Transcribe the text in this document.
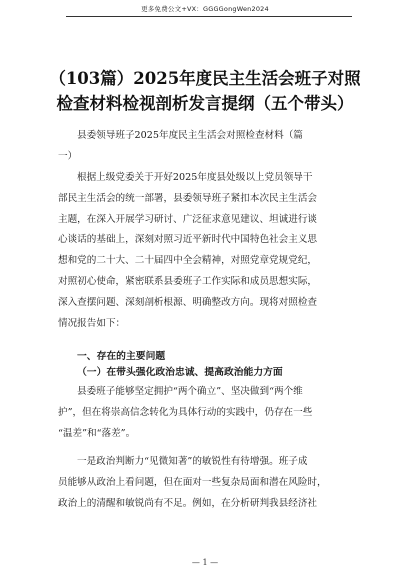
更多免费公文+VX：GGGGongWen2024
（103篇）2025年度民主生活会班子对照
检查材料检视剖析发言提纲（五个带头）
县委领导班子2025年度民主生活会对照检查材料（篇
一）
根据上级党委关于开好2025年度县处级以上党员领导干
部民主生活会的统一部署，县委领导班子紧扣本次民主生活会
主题，在深入开展学习研讨、广泛征求意见建议、坦诚进行谈
心谈话的基础上，深刻对照习近平新时代中国特色社会主义思
想和党的二十大、二十届四中全会精神，对照党章党规党纪，
对照初心使命，紧密联系县委班子工作实际和成员思想实际，
深入查摆问题、深刻剖析根源、明确整改方向。现将对照检查
情况报告如下：
一、存在的主要问题
（一）在带头强化政治忠诚、提高政治能力方面
县委班子能够坚定拥护“两个确立”、坚决做到“两个维
护”，但在将崇高信念转化为具体行动的实践中，仍存在一些
“温差”和“落差”。
一是政治判断力“见微知著”的敏锐性有待增强。班子成
员能够从政治上看问题，但在面对一些复杂局面和潜在风险时，
政治上的清醒和敏锐尚有不足。例如，在分析研判我县经济社
— 1 —
